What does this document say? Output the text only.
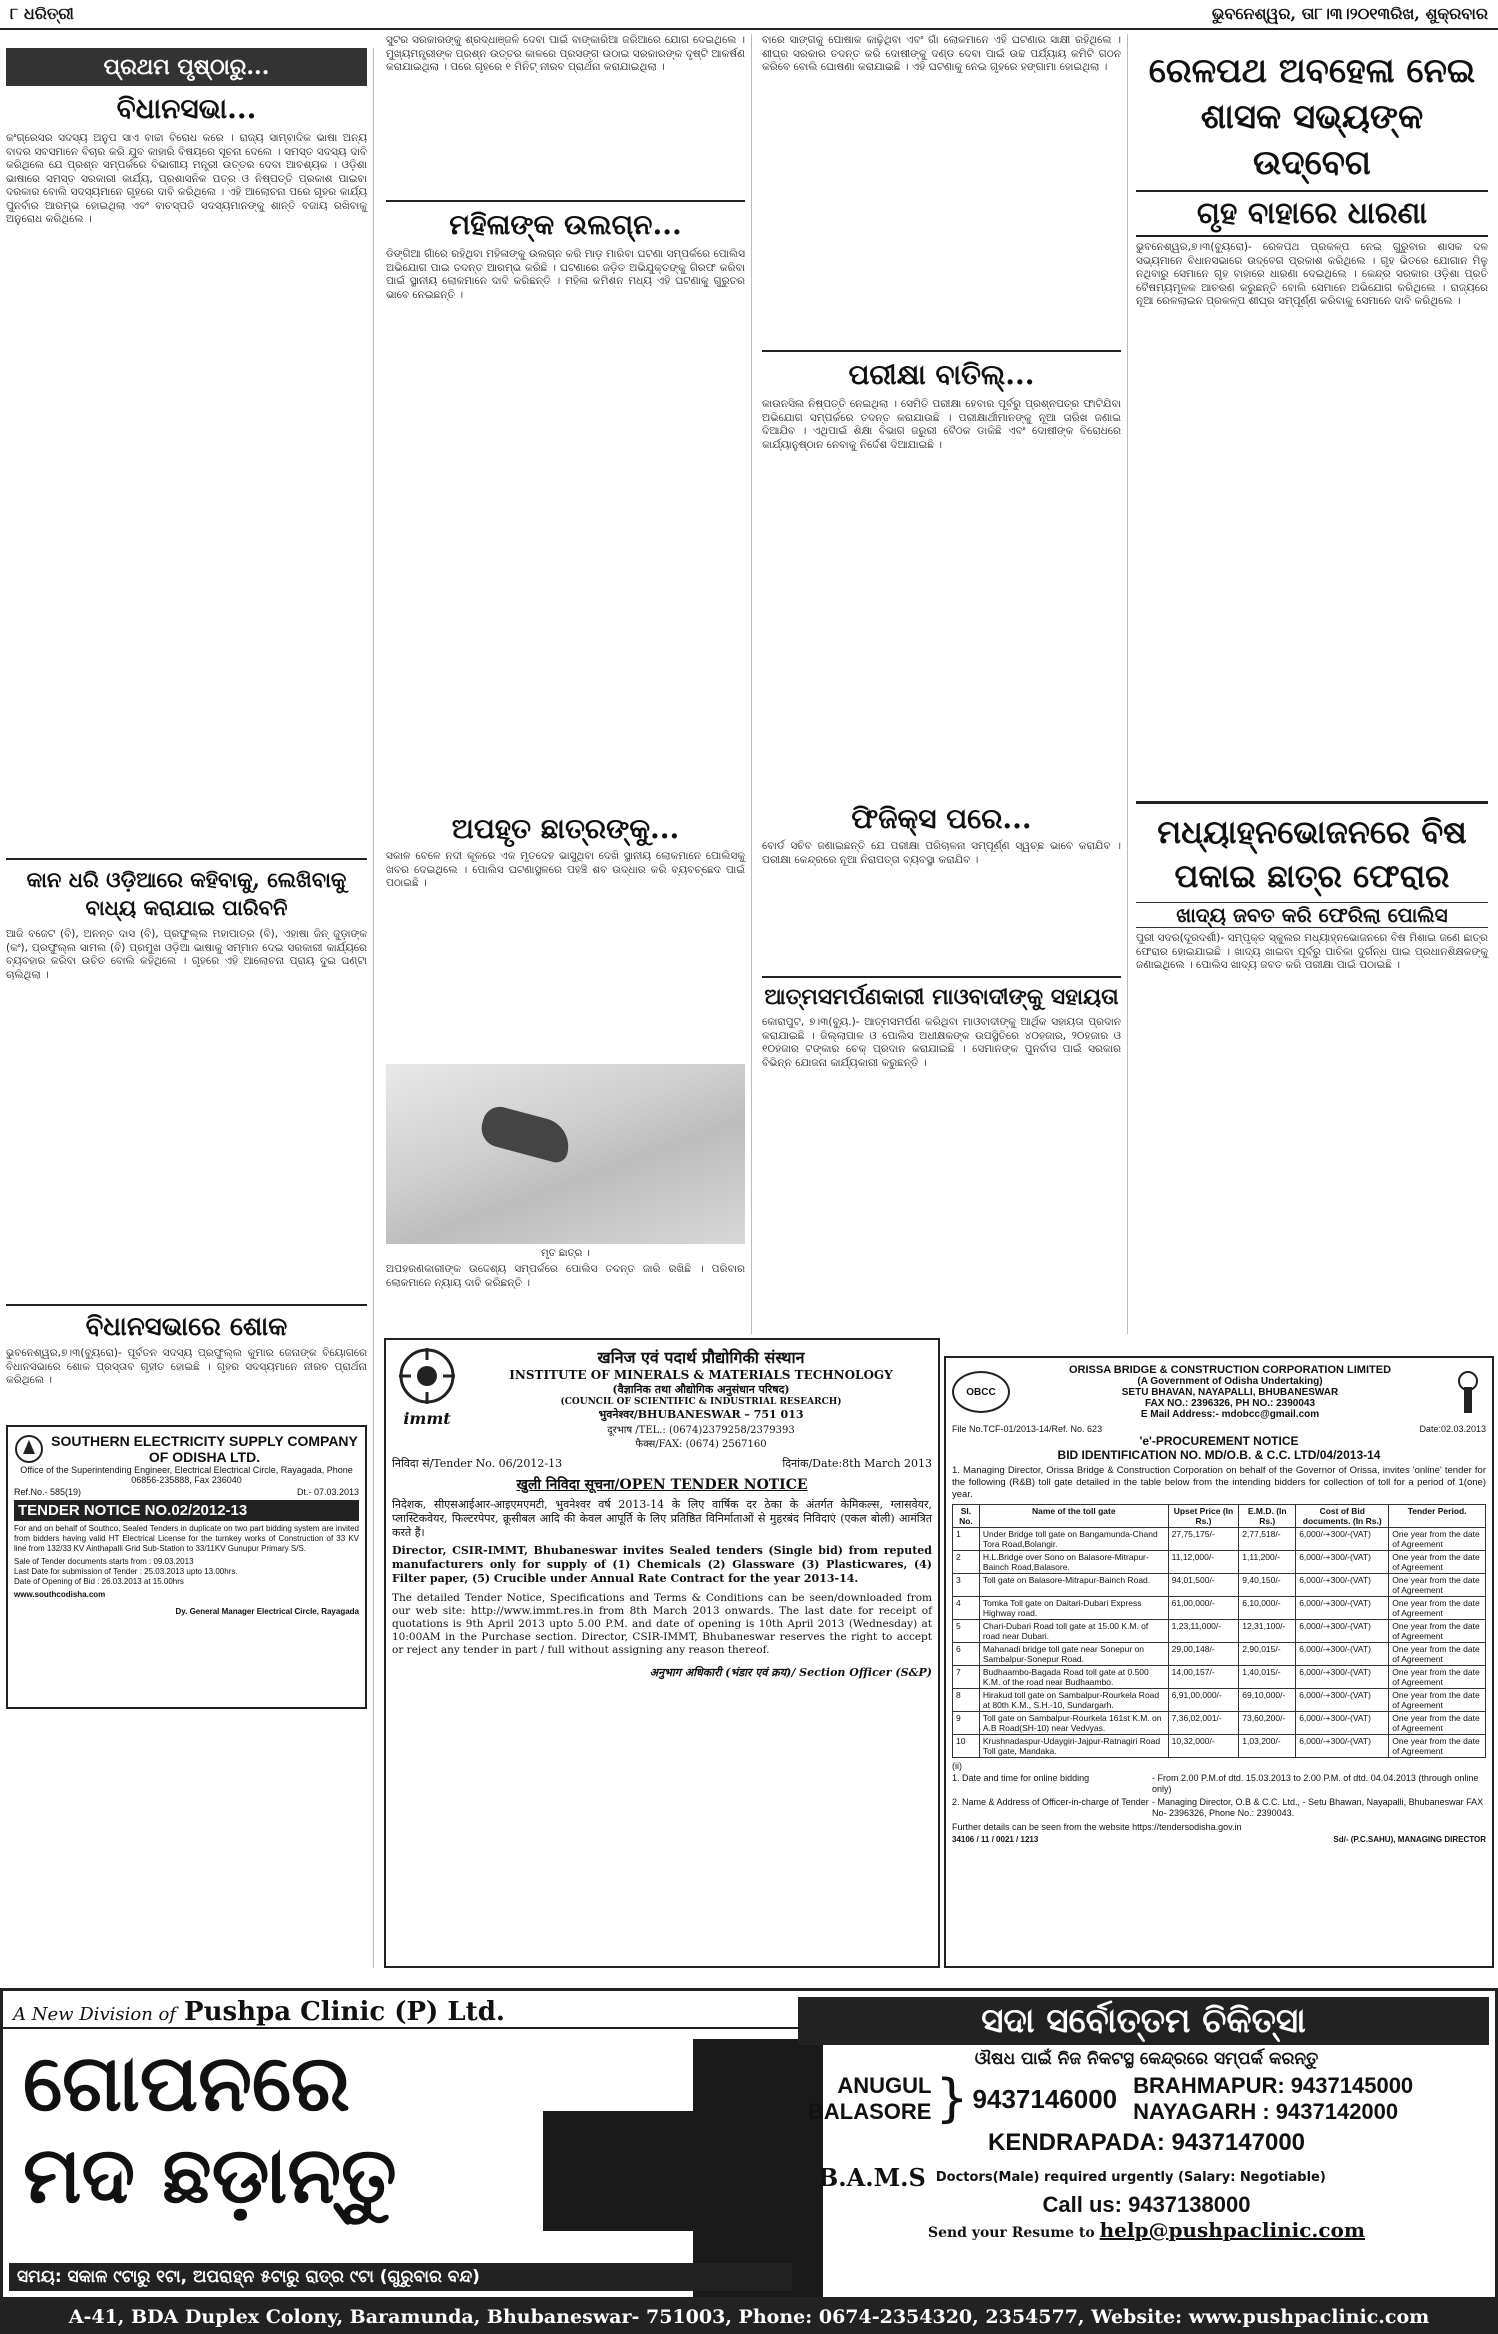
୮ ଧରିତ୍ରୀ	ଭୁବନେଶ୍ୱର, ତା୮।୩।୨୦୧୩ରିଖ, ଶୁକ୍ରବାର
ପ୍ରଥମ ପୃଷ୍ଠାରୁ...
ବିଧାନସଭା...
କଂଗ୍ରେସର ସଦସ୍ୟ ଅନୁପ ସାଏ ବାଚ୍ଚା ବିରୋଧ କରେ । ରାଜ୍ୟ ସାମ୍ବାଦିକ ଭାଷା ଅନ୍ୟ ବାଦର ସବସମାନେ ବିଚାର କରି ଯୁବ କାହାରି ବିଷୟରେ ସୂଚନା ଦେଲେ । ସମସ୍ତ ସଦସ୍ୟ ଦାବି କରିଥିଲେ ଯେ ପ୍ରଶ୍ନ ସମ୍ପର୍କରେ ବିଭାଗୀୟ ମନ୍ତ୍ରୀ ଉତ୍ତର ଦେବା ଆବଶ୍ୟକ । ଓଡ଼ିଶା ଭାଷାରେ ସମସ୍ତ ସରକାରୀ କାର୍ଯ୍ୟ, ପ୍ରଶାସନିକ ପତ୍ର ଓ ନିଷ୍ପତ୍ତି ପ୍ରକାଶ ପାଇବା ଦରକାର ବୋଲି ସଦସ୍ୟମାନେ ଗୃହରେ ଦାବି କରିଥିଲେ । ଏହି ଆଲୋଚନା ପରେ ଗୃହର କାର୍ଯ୍ୟ ପୁନର୍ବାର ଆରମ୍ଭ ହୋଇଥିଲା ଏବଂ ବାଚସ୍ପତି ସଦସ୍ୟମାନଙ୍କୁ ଶାନ୍ତି ବଜାୟ ରଖିବାକୁ ଅନୁରୋଧ କରିଥିଲେ ।
କାନ ଧରି ଓଡ଼ିଆରେ କହିବାକୁ, ଲେଖିବାକୁ ବାଧ୍ୟ କରାଯାଇ ପାରିବନି
ଆଜି ବଜେଟ (ବି), ଅନନ୍ତ ଦାସ (ବି), ପ୍ରଫୁଲ୍ଲ ମହାପାତ୍ର (ବି), ଏହାଷା ଜିନ୍ ଜୁଡ଼ାଙ୍କ (କଂ), ପ୍ରଫୁଲ୍ଲ ସାମଲ (ବି) ପ୍ରମୁଖ ଓଡ଼ିଆ ଭାଷାକୁ ସମ୍ମାନ ଦେଇ ସରକାରୀ କାର୍ଯ୍ୟରେ ବ୍ୟବହାର କରିବା ଉଚିତ ବୋଲି କହିଥିଲେ । ଗୃହରେ ଏହି ଆଲୋଚନା ପ୍ରାୟ ଦୁଇ ଘଣ୍ଟା ଚାଲିଥିଲା ।
ବିଧାନସଭାରେ ଶୋକ
ଭୁବନେଶ୍ୱର,୭।୩(ବ୍ୟୁରୋ)- ପୂର୍ବତନ ସଦସ୍ୟ ପ୍ରଫୁଲ୍ଲ କୁମାର ଜେନାଙ୍କ ବିୟୋଗରେ ବିଧାନସଭାରେ ଶୋକ ପ୍ରସ୍ତାବ ଗୃହୀତ ହୋଇଛି । ଗୃହର ସଦସ୍ୟମାନେ ନୀରବ ପ୍ରାର୍ଥନା କରିଥିଲେ ।
SOUTHERN ELECTRICITY SUPPLY COMPANY OF ODISHA LTD.
Office of the Superintending Engineer, Electrical Electrical Circle, Rayagada, Phone 06856-235888, Fax 236040
Ref.No.- 585(19)	Dt.- 07.03.2013
TENDER NOTICE NO.02/2012-13
For and on behalf of Southco, Sealed Tenders in duplicate on two part bidding system are invited from bidders having valid HT Electrical License for the turnkey works of Construction of 33 KV line from 132/33 KV Ainthapalli Grid Sub-Station to 33/11KV Gunupur Primary S/S.
Sale of Tender documents starts from : 09.03.2013
Last Date for submission of Tender : 25.03.2013 upto 13.00hrs.
Date of Opening of Bid : 26.03.2013 at 15.00hrs
www.southcodisha.com
Dy. General Manager Electrical Circle, Rayagada
ସୁଟର ସରକାରଙ୍କୁ ଶ୍ରଦ୍ଧାଞ୍ଜଳି ଦେବା ପାଇଁ ବାଙ୍କାରିଆ ଜରିଆରେ ଯୋଗ ଦେଇଥିଲେ । ମୁଖ୍ୟମନ୍ତ୍ରୀଙ୍କ ପ୍ରଶ୍ନ ଉତ୍ତର କାଳରେ ପ୍ରସଙ୍ଗ ଉଠାଇ ସରକାରଙ୍କ ଦୃଷ୍ଟି ଆକର୍ଷଣ କରାଯାଇଥିଲା । ପରେ ଗୃହରେ ୧ ମିନିଟ୍ ନୀରବ ପ୍ରାର୍ଥନା କରାଯାଇଥିଲା ।
ମହିଳାଙ୍କ ଉଲଗ୍ନ...
ଡିଙ୍ଗିଆ ଗାଁରେ ରହିଥିବା ମହିଳାଙ୍କୁ ଉଲଗ୍ନ କରି ମାଡ଼ ମାରିବା ଘଟଣା ସମ୍ପର୍କରେ ପୋଲିସ ଅଭିଯୋଗ ପାଇ ତଦନ୍ତ ଆରମ୍ଭ କରିଛି । ଘଟଣାରେ ଜଡ଼ିତ ଅଭିଯୁକ୍ତଙ୍କୁ ଗିରଫ କରିବା ପାଇଁ ସ୍ଥାନୀୟ ଲୋକମାନେ ଦାବି କରିଛନ୍ତି । ମହିଳା କମିଶନ ମଧ୍ୟ ଏହି ଘଟଣାକୁ ଗୁରୁତର ଭାବେ ନେଇଛନ୍ତି ।
ଅପହୃତ ଛାତ୍ରଙ୍କୁ...
ସକାଳ ବେଳେ ନଦୀ କୂଳରେ ଏକ ମୃତଦେହ ଭାସୁଥିବା ଦେଖି ସ୍ଥାନୀୟ ଲୋକମାନେ ପୋଲିସକୁ ଖବର ଦେଇଥିଲେ । ପୋଲିସ ଘଟଣାସ୍ଥଳରେ ପହଞ୍ଚି ଶବ ଉଦ୍ଧାର କରି ବ୍ୟବଚ୍ଛେଦ ପାଇଁ ପଠାଇଛି ।
ମୃତ ଛାତ୍ର ।
ଅପହରଣକାରୀଙ୍କ ଉଦ୍ଦେଶ୍ୟ ସମ୍ପର୍କରେ ପୋଲିସ ତଦନ୍ତ ଜାରି ରଖିଛି । ପରିବାର ଲୋକମାନେ ନ୍ୟାୟ ଦାବି କରିଛନ୍ତି ।
ବାରେ ସାଙ୍ଗକୁ ପୋଷାକ କାଢ଼ିଥିବା ଏବଂ ଗାଁ ଲୋକମାନେ ଏହି ଘଟଣାର ସାକ୍ଷୀ ରହିଥିଲେ । ଶୀଘ୍ର ସରକାର ତଦନ୍ତ କରି ଦୋଷୀଙ୍କୁ ଦଣ୍ଡ ଦେବା ପାଇଁ ଉଚ୍ଚ ପର୍ଯ୍ୟାୟ କମିଟି ଗଠନ କରିବେ ବୋଲି ଘୋଷଣା କରାଯାଇଛି । ଏହି ଘଟଣାକୁ ନେଇ ଗୃହରେ ହଙ୍ଗାମା ହୋଇଥିଲା ।
ପରୀକ୍ଷା ବାତିଲ୍...
କାଉନସିଲ ନିଷ୍ପତ୍ତି ନେଇଥିଲା । ସେମିତି ପରୀକ୍ଷା ହେବାର ପୂର୍ବରୁ ପ୍ରଶ୍ନପତ୍ର ଫାଟିଯିବା ଅଭିଯୋଗ ସମ୍ପର୍କରେ ତଦନ୍ତ କରାଯାଉଛି । ପରୀକ୍ଷାର୍ଥୀମାନଙ୍କୁ ନୂଆ ତାରିଖ ଜଣାଇ ଦିଆଯିବ । ଏଥିପାଇଁ ଶିକ୍ଷା ବିଭାଗ ଜରୁରୀ ବୈଠକ ଡାକିଛି ଏବଂ ଦୋଷୀଙ୍କ ବିରୋଧରେ କାର୍ଯ୍ୟାନୁଷ୍ଠାନ ନେବାକୁ ନିର୍ଦ୍ଦେଶ ଦିଆଯାଇଛି ।
ଫିଜିକ୍ସ ପରେ...
ବୋର୍ଡ ସଚିବ ଜଣାଇଛନ୍ତି ଯେ ପରୀକ୍ଷା ପରିଚାଳନା ସମ୍ପୂର୍ଣ୍ଣ ସ୍ୱଚ୍ଛ ଭାବେ କରାଯିବ । ପରୀକ୍ଷା କେନ୍ଦ୍ରରେ ନୂଆ ନିରାପତ୍ତା ବ୍ୟବସ୍ଥା କରାଯିବ ।
ଆତ୍ମସମର୍ପଣକାରୀ ମାଓବାଦୀଙ୍କୁ ସହାୟତା
କୋରାପୁଟ, ୭।୩(ବ୍ୟୁ.)- ଆତ୍ମସମର୍ପଣ କରିଥିବା ମାଓବାଦୀଙ୍କୁ ଆର୍ଥିକ ସହାୟତା ପ୍ରଦାନ କରାଯାଇଛି । ଜିଲ୍ଲାପାଳ ଓ ପୋଲିସ ଅଧୀକ୍ଷକଙ୍କ ଉପସ୍ଥିତିରେ ୪୦ହଜାର, ୨୦ହଜାର ଓ ୧୦ହଜାର ଟଙ୍କାର ଚେକ୍ ପ୍ରଦାନ କରାଯାଇଛି । ସେମାନଙ୍କ ପୁନର୍ବାସ ପାଇଁ ସରକାର ବିଭିନ୍ନ ଯୋଜନା କାର୍ଯ୍ୟକାରୀ କରୁଛନ୍ତି ।
immt
खनिज एवं पदार्थ प्रौद्योगिकी संस्थान
INSTITUTE OF MINERALS & MATERIALS TECHNOLOGY
(वैज्ञानिक तथा औद्योगिक अनुसंधान परिषद)
(COUNCIL OF SCIENTIFIC & INDUSTRIAL RESEARCH)
भुवनेश्वर/BHUBANESWAR – 751 013
दूरभाष /TEL.: (0674)2379258/2379393
फैक्स/FAX: (0674) 2567160
निविदा सं/Tender No. 06/2012-13	दिनांक/Date:8th March 2013
खुली निविदा सूचना/OPEN TENDER NOTICE
निदेशक, सीएसआईआर-आइएमएमटी, भुवनेश्वर वर्ष 2013-14 के लिए वार्षिक दर ठेका के अंतर्गत केमिकल्स, ग्लासवेयर, प्लास्टिकवेयर, फिल्टरपेपर, क्रूसीबल आदि की केवल आपूर्ति के लिए प्रतिष्ठित विनिर्माताओं से मुहरबंद निविदाएं (एकल बोली) आमंत्रित करते हैं।
Director, CSIR-IMMT, Bhubaneswar invites Sealed tenders (Single bid) from reputed manufacturers only for supply of (1) Chemicals (2) Glassware (3) Plasticwares, (4) Filter paper, (5) Crucible under Annual Rate Contract for the year 2013-14.
The detailed Tender Notice, Specifications and Terms & Conditions can be seen/downloaded from our web site: http://www.immt.res.in from 8th March 2013 onwards. The last date for receipt of quotations is 9th April 2013 upto 5.00 P.M. and date of opening is 10th April 2013 (Wednesday) at 10:00AM in the Purchase section. Director, CSIR-IMMT, Bhubaneswar reserves the right to accept or reject any tender in part / full without assigning any reason thereof.
अनुभाग अधिकारी (भंडार एवं क्रय)/ Section Officer (S&P)
ରେଳପଥ ଅବହେଳା ନେଇ ଶାସକ ସଭ୍ୟଙ୍କ ଉଦ୍‌ବେଗ
ଗୃହ ବାହାରେ ଧାରଣା
ଭୁବନେଶ୍ୱର,୭।୩(ବ୍ୟୁରୋ)- ରେଳପଥ ପ୍ରକଳ୍ପ ନେଇ ଗୁରୁବାର ଶାସକ ଦଳ ସଭ୍ୟମାନେ ବିଧାନସଭାରେ ଉଦ୍‌ବେଗ ପ୍ରକାଶ କରିଥିଲେ । ଗୃହ ଭିତରେ ଯୋଗାନ ମିଳୁ ନଥିବାରୁ ସେମାନେ ଗୃହ ବାହାରେ ଧାରଣା ଦେଇଥିଲେ । କେନ୍ଦ୍ର ସରକାର ଓଡ଼ିଶା ପ୍ରତି ବୈଷମ୍ୟମୂଳକ ଆଚରଣ କରୁଛନ୍ତି ବୋଲି ସେମାନେ ଅଭିଯୋଗ କରିଥିଲେ । ରାଜ୍ୟରେ ନୂଆ ରେଳଲାଇନ ପ୍ରକଳ୍ପ ଶୀଘ୍ର ସମ୍ପୂର୍ଣ୍ଣ କରିବାକୁ ସେମାନେ ଦାବି କରିଥିଲେ ।
ମଧ୍ୟାହ୍ନଭୋଜନରେ ବିଷ ପକାଇ ଛାତ୍ର ଫେରାର
ଖାଦ୍ୟ ଜବତ କରି ଫେରିଲା ପୋଲିସ
ପୁରୀ ସଦର(ଦୂରଦର୍ଶୀ)- ସମ୍ପୃକ୍ତ ସ୍କୁଲର ମଧ୍ୟାହ୍ନଭୋଜନରେ ବିଷ ମିଶାଇ ଜଣେ ଛାତ୍ର ଫେରାର ହୋଇଯାଇଛି । ଖାଦ୍ୟ ଖାଇବା ପୂର୍ବରୁ ପାଚିକା ଦୁର୍ଗନ୍ଧ ପାଇ ପ୍ରଧାନଶିକ୍ଷକଙ୍କୁ ଜଣାଇଥିଲେ । ପୋଲିସ ଖାଦ୍ୟ ଜବତ କରି ପରୀକ୍ଷା ପାଇଁ ପଠାଇଛି ।
OBCC
ORISSA BRIDGE & CONSTRUCTION CORPORATION LIMITED
(A Government of Odisha Undertaking)
SETU BHAVAN, NAYAPALLI, BHUBANESWAR
FAX NO.: 2396326, PH NO.: 2390043
E Mail Address:- mdobcc@gmail.com
File No.TCF-01/2013-14/Ref. No. 623	Date:02.03.2013
'e'-PROCUREMENT NOTICE
BID IDENTIFICATION NO. MD/O.B. & C.C. LTD/04/2013-14
1. Managing Director, Orissa Bridge & Construction Corporation on behalf of the Governor of Orissa, invites 'online' tender for the following (R&B) toll gate detailed in the table below from the intending bidders for collection of toll for a period of 1(one) year.
Sl. No.	Name of the toll gate	Upset Price (In Rs.)	E.M.D. (In Rs.)	Cost of Bid documents. (In Rs.)	Tender Period.
1	Under Bridge toll gate on Bangamunda-Chand Tora Road,Bolangir.	27,75,175/-	2,77,518/-	6,000/-+300/-(VAT)	One year from the date of Agreement
2	H.L.Bridge over Sono on Balasore-Mitrapur-Bainch Road,Balasore.	11,12,000/-	1,11,200/-	6,000/-+300/-(VAT)	One year from the date of Agreement
3	Toll gate on Balasore-Mitrapur-Bainch Road.	94,01,500/-	9,40,150/-	6,000/-+300/-(VAT)	One year from the date of Agreement
4	Tomka Toll gate on Daitari-Dubari Express Highway road.	61,00,000/-	6,10,000/-	6,000/-+300/-(VAT)	One year from the date of Agreement
5	Chari-Dubari Road toll gate at 15.00 K.M. of road near Dubari.	1,23,11,000/-	12,31,100/-	6,000/-+300/-(VAT)	One year from the date of Agreement
6	Mahanadi bridge toll gate near Sonepur on Sambalpur-Sonepur Road.	29,00,148/-	2,90,015/-	6,000/-+300/-(VAT)	One year from the date of Agreement
7	Budhaambo-Bagada Road toll gate at 0.500 K.M. of the road near Budhaambo.	14,00,157/-	1,40,015/-	6,000/-+300/-(VAT)	One year from the date of Agreement
8	Hirakud toll gate on Sambalpur-Rourkela Road at 80th K.M., S.H.-10, Sundargarh.	6,91,00,000/-	69,10,000/-	6,000/-+300/-(VAT)	One year from the date of Agreement
9	Toll gate on Sambalpur-Rourkela 161st K.M. on A.B Road(SH-10) near Vedvyas.	7,36,02,001/-	73,60,200/-	6,000/-+300/-(VAT)	One year from the date of Agreement
10	Krushnadaspur-Udaygiri-Jajpur-Ratnagiri Road Toll gate, Mandaka.	10,32,000/-	1,03,200/-	6,000/-+300/-(VAT)	One year from the date of Agreement
(ii)
1. Date and time for online bidding	- From 2.00 P.M.of dtd. 15.03.2013 to 2.00 P.M. of dtd. 04.04.2013 (through online only)
2. Name & Address of Officer-in-charge of Tender - Managing Director, O.B & C.C. Ltd., - Setu Bhawan, Nayapalli, Bhubaneswar FAX No- 2396326, Phone No.: 2390043.
Further details can be seen from the website https://tendersodisha.gov.in
34106 / 11 / 0021 / 1213	Sd/- (P.C.SAHU), MANAGING DIRECTOR
A New Division of Pushpa Clinic (P) Ltd.
ଗୋପନରେ
ମଦ ଛଡ଼ାନ୍ତୁ
ସମୟ: ସକାଳ ୯ଟାରୁ ୧ଟା, ଅପରାହ୍ନ ୫ଟାରୁ ରାତ୍ର ୯ଟା (ଗୁରୁବାର ବନ୍ଦ)
ସଦା ସର୍ବୋତ୍ତମ ଚିକିତ୍ସା
ଔଷଧ ପାଇଁ ନିଜ ନିକଟସ୍ଥ କେନ୍ଦ୍ରରେ ସମ୍ପର୍କ କରନ୍ତୁ
ANUGUL
BALASORE } 9437146000 BRAHMAPUR: 9437145000
NAYAGARH : 9437142000
KENDRAPADA: 9437147000
B.A.M.S Doctors(Male) required urgently (Salary: Negotiable)
Call us: 9437138000
Send your Resume to help@pushpaclinic.com
A-41, BDA Duplex Colony, Baramunda, Bhubaneswar- 751003, Phone: 0674-2354320, 2354577, Website: www.pushpaclinic.com
